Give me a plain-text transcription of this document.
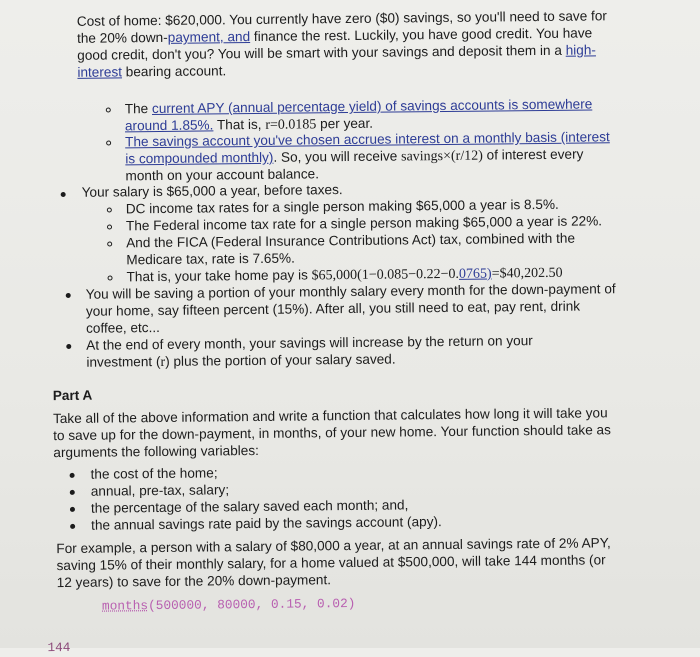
Cost of home: $620,000. You currently have zero ($0) savings, so you'll need to save for
the 20% down-payment, and finance the rest. Luckily, you have good credit. You have
good credit, don't you? You will be smart with your savings and deposit them in a high-
interest bearing account.
The current APY (annual percentage yield) of savings accounts is somewhere
around 1.85%. That is, r=0.0185 per year.
The savings account you've chosen accrues interest on a monthly basis (interest
is compounded monthly). So, you will receive savings×(r/12) of interest every
month on your account balance.
Your salary is $65,000 a year, before taxes.
DC income tax rates for a single person making $65,000 a year is 8.5%.
The Federal income tax rate for a single person making $65,000 a year is 22%.
And the FICA (Federal Insurance Contributions Act) tax, combined with the
Medicare tax, rate is 7.65%.
That is, your take home pay is $65,000(1−0.085−0.22−0.0765)=$40,202.50
You will be saving a portion of your monthly salary every month for the down-payment of
your home, say fifteen percent (15%). After all, you still need to eat, pay rent, drink
coffee, etc...
At the end of every month, your savings will increase by the return on your
investment (r) plus the portion of your salary saved.
Part A
Take all of the above information and write a function that calculates how long it will take you
to save up for the down-payment, in months, of your new home. Your function should take as
arguments the following variables:
the cost of the home;
annual, pre-tax, salary;
the percentage of the salary saved each month; and,
the annual savings rate paid by the savings account (apy).
For example, a person with a salary of $80,000 a year, at an annual savings rate of 2% APY,
saving 15% of their monthly salary, for a home valued at $500,000, will take 144 months (or
12 years) to save for the 20% down-payment.
months(500000, 80000, 0.15, 0.02)
144
